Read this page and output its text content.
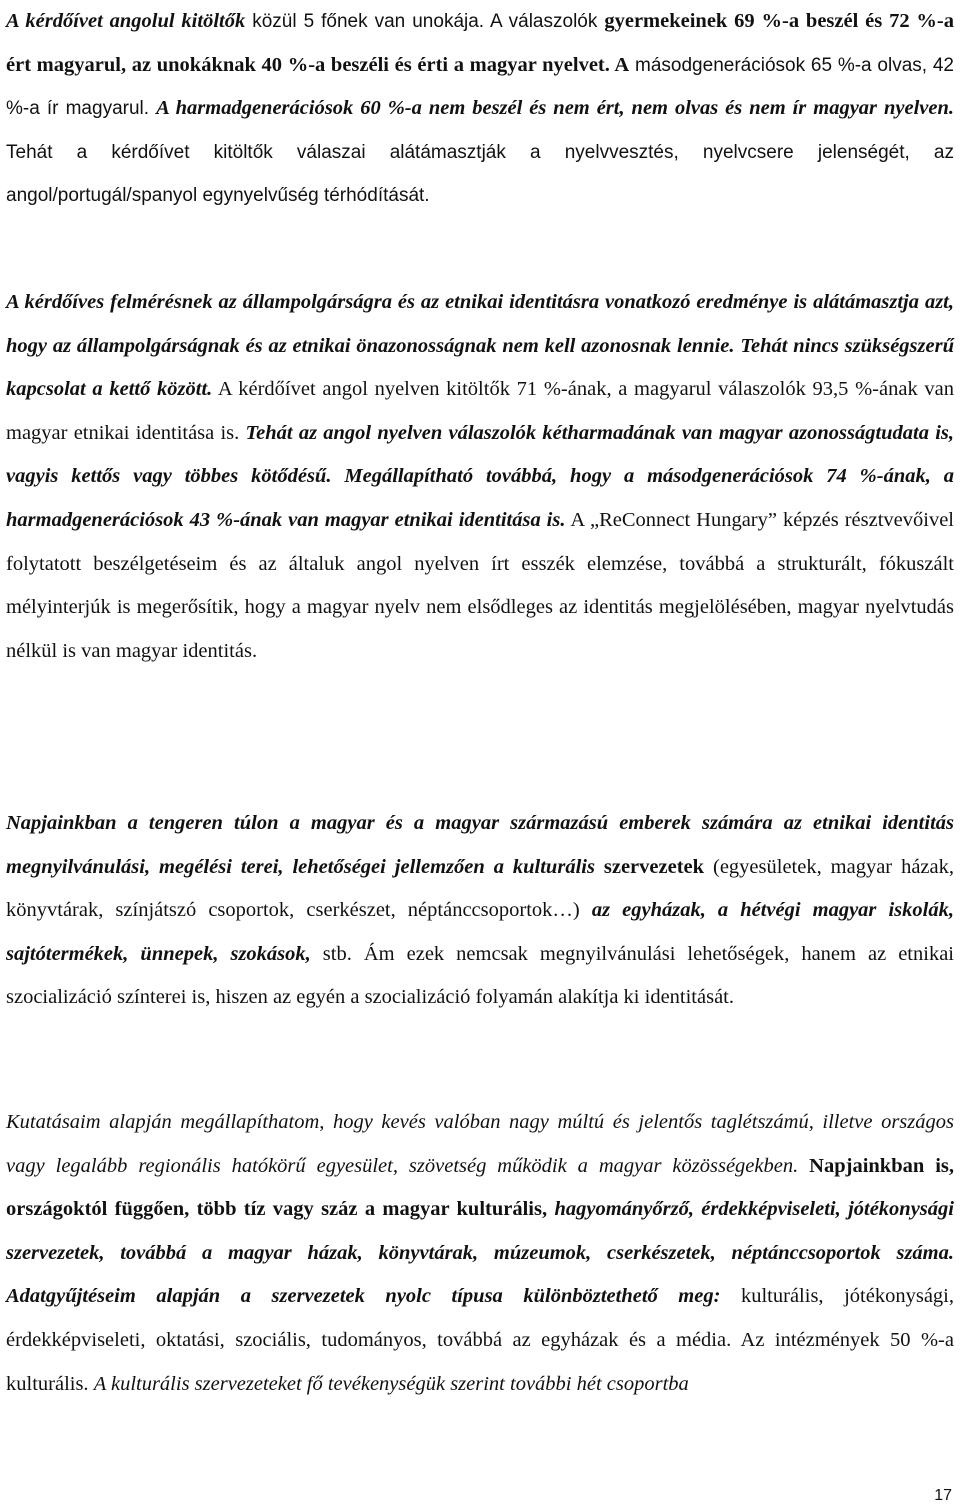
A kérdőívet angolul kitöltők közül 5 főnek van unokája. A válaszolók gyermekeinek 69 %-a beszél és 72 %-a ért magyarul, az unokáknak 40 %-a beszéli és érti a magyar nyelvet. A másodgenerációsok 65 %-a olvas, 42 %-a ír magyarul. A harmadgenerációsok 60 %-a nem beszél és nem ért, nem olvas és nem ír magyar nyelven. Tehát a kérdőívet kitöltők válaszai alátámasztják a nyelvvesztés, nyelvcsere jelenségét, az angol/portugál/spanyol egynyelvűség térhódítását.

A kérdőíves felmérésnek az állampolgárságra és az etnikai identitásra vonatkozó eredménye is alátámasztja azt, hogy az állampolgárságnak és az etnikai önazonosságnak nem kell azonosnak lennie. Tehát nincs szükségszerű kapcsolat a kettő között. A kérdőívet angol nyelven kitöltők 71 %-ának, a magyarul válaszolók 93,5 %-ának van magyar etnikai identitása is. Tehát az angol nyelven válaszolók kétharmadának van magyar azonosságtudata is, vagyis kettős vagy többes kötődésű. Megállapítható továbbá, hogy a másodgenerációsok 74 %-ának, a harmadgenerációsok 43 %-ának van magyar etnikai identitása is. A „ReConnect Hungary” képzés résztvevőivel folytatott beszélgetéseim és az általuk angol nyelven írt esszék elemzése, továbbá a strukturált, fókuszált mélyinterjúk is megerősítik, hogy a magyar nyelv nem elsődleges az identitás megjelölésében, magyar nyelvtudás nélkül is van magyar identitás.

Napjainkban a tengeren túlon a magyar és a magyar származású emberek számára az etnikai identitás megnyilvánulási, megélési terei, lehetőségei jellemzően a kulturális szervezetek (egyesületek, magyar házak, könyvtárak, színjátszó csoportok, cserkészet, néptánccsoportok…) az egyházak, a hétvégi magyar iskolák, sajtótermékek, ünnepek, szokások, stb. Ám ezek nemcsak megnyilvánulási lehetőségek, hanem az etnikai szocializáció színterei is, hiszen az egyén a szocializáció folyamán alakítja ki identitását.

Kutatásaim alapján megállapíthatom, hogy kevés valóban nagy múltú és jelentős taglétszámú, illetve országos vagy legalább regionális hatókörű egyesület, szövetség működik a magyar közösségekben. Napjainkban is, országoktól függően, több tíz vagy száz a magyar kulturális, hagyományőrző, érdekképviseleti, jótékonysági szervezetek, továbbá a magyar házak, könyvtárak, múzeumok, cserkészetek, néptánccsoportok száma. Adatgyűjtéseim alapján a szervezetek nyolc típusa különböztethető meg: kulturális, jótékonysági, érdekképviseleti, oktatási, szociális, tudományos, továbbá az egyházak és a média. Az intézmények 50 %-a kulturális. A kulturális szervezeteket fő tevékenységük szerint további hét csoportba

17
